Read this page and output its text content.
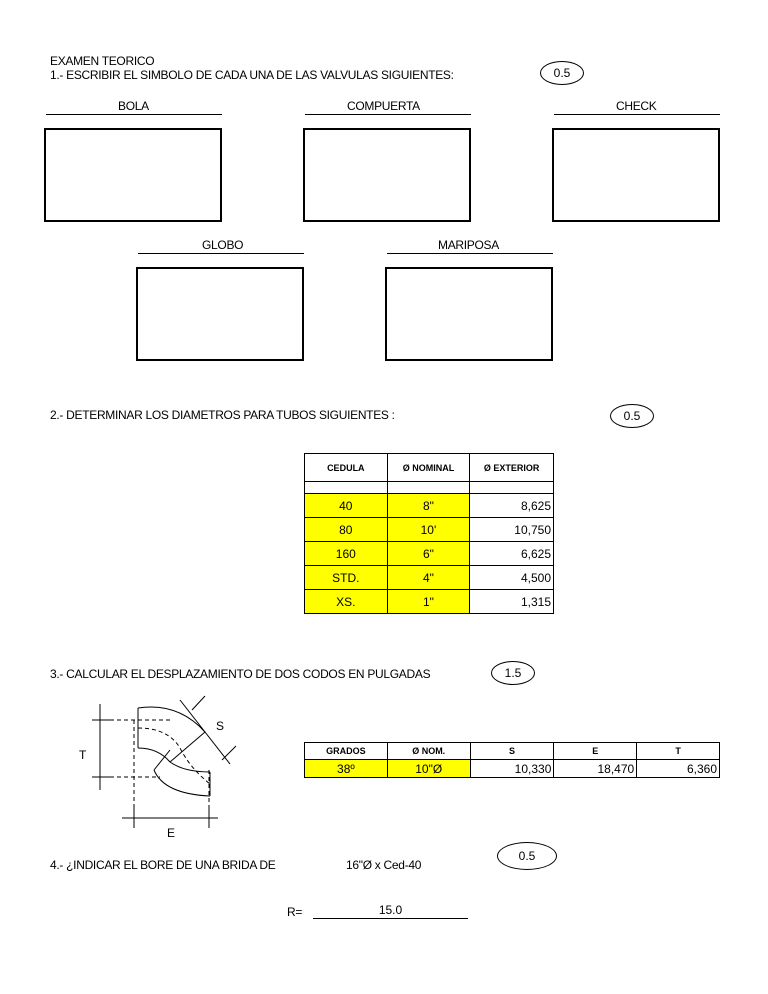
EXAMEN TEORICO
1.- ESCRIBIR EL SIMBOLO DE CADA UNA DE LAS VALVULAS SIGUIENTES:	0.5
BOLA	COMPUERTA	CHECK
GLOBO	MARIPOSA
2.- DETERMINAR LOS DIAMETROS PARA TUBOS SIGUIENTES :	0.5
CEDULA	Ø NOMINAL	Ø EXTERIOR

40	8"	8,625
80	10'	10,750
160	6"	6,625
STD.	4"	4,500
XS.	1"	1,315
3.- CALCULAR EL DESPLAZAMIENTO DE DOS CODOS EN PULGADAS	1.5
S
T
E
GRADOS	Ø NOM.	S	E	T
38º	10"Ø	10,330	18,470	6,360
4.- ¿INDICAR EL BORE DE UNA BRIDA DE	16"Ø x Ced-40
0.5
R=	15.0
